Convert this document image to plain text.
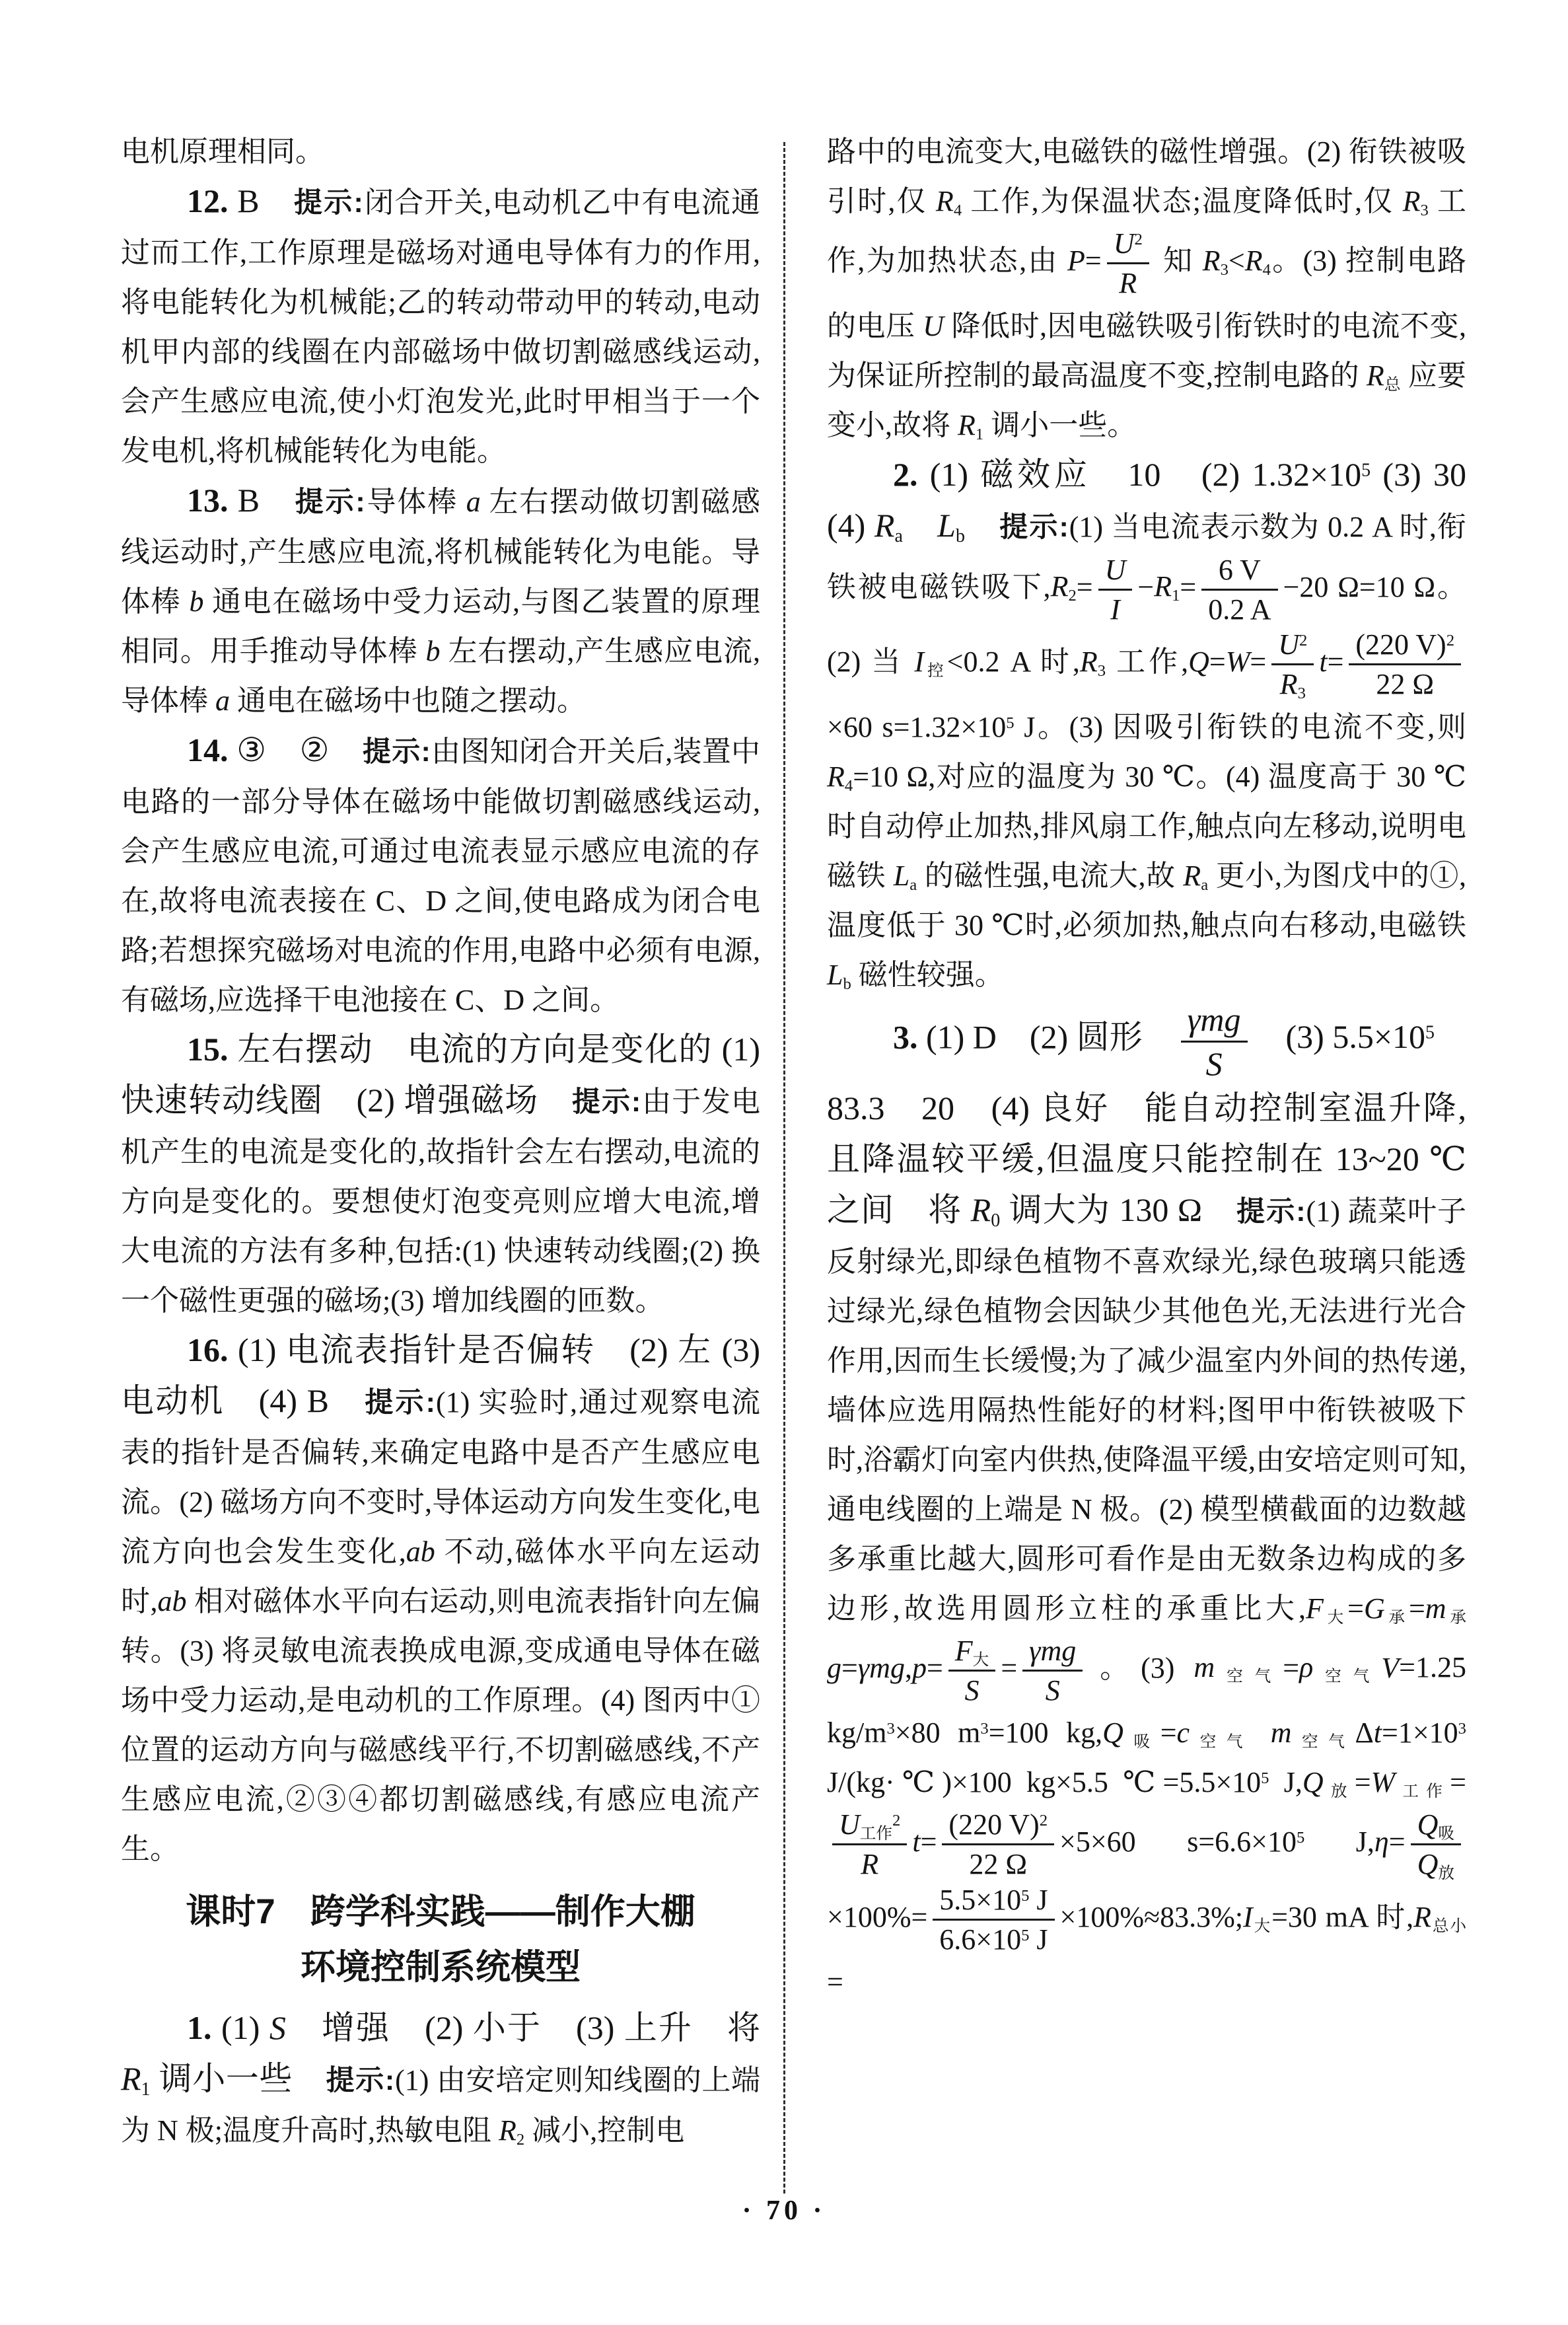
电机原理相同。

12. B　提示:闭合开关,电动机乙中有电流通过而工作,工作原理是磁场对通电导体有力的作用,将电能转化为机械能;乙的转动带动甲的转动,电动机甲内部的线圈在内部磁场中做切割磁感线运动,会产生感应电流,使小灯泡发光,此时甲相当于一个发电机,将机械能转化为电能。

13. B　提示:导体棒 a 左右摆动做切割磁感线运动时,产生感应电流,将机械能转化为电能。导体棒 b 通电在磁场中受力运动,与图乙装置的原理相同。用手推动导体棒 b 左右摆动,产生感应电流,导体棒 a 通电在磁场中也随之摆动。

14. ③　②　提示:由图知闭合开关后,装置中电路的一部分导体在磁场中能做切割磁感线运动,会产生感应电流,可通过电流表显示感应电流的存在,故将电流表接在 C、D 之间,使电路成为闭合电路;若想探究磁场对电流的作用,电路中必须有电源,有磁场,应选择干电池接在 C、D 之间。

15. 左右摆动　电流的方向是变化的 (1) 快速转动线圈　(2) 增强磁场　提示:由于发电机产生的电流是变化的,故指针会左右摆动,电流的方向是变化的。要想使灯泡变亮则应增大电流,增大电流的方法有多种,包括:(1) 快速转动线圈;(2) 换一个磁性更强的磁场;(3) 增加线圈的匝数。

16. (1) 电流表指针是否偏转　(2) 左 (3) 电动机　(4) B　提示:(1) 实验时,通过观察电流表的指针是否偏转,来确定电路中是否产生感应电流。(2) 磁场方向不变时,导体运动方向发生变化,电流方向也会发生变化,ab 不动,磁体水平向左运动时,ab 相对磁体水平向右运动,则电流表指针向左偏转。(3) 将灵敏电流表换成电源,变成通电导体在磁场中受力运动,是电动机的工作原理。(4) 图丙中①位置的运动方向与磁感线平行,不切割磁感线,不产生感应电流,②③④都切割磁感线,有感应电流产生。

课时7　跨学科实践——制作大棚
环境控制系统模型

1. (1) S　增强　(2) 小于　(3) 上升　将 $R_1$ 调小一些　提示:(1) 由安培定则知线圈的上端为 N 极;温度升高时,热敏电阻 $R_2$ 减小,控制电

路中的电流变大,电磁铁的磁性增强。(2) 衔铁被吸引时,仅 $R_4$ 工作,为保温状态;温度降低时,仅 $R_3$ 工作,为加热状态,由 $P= \frac{U^2}{R}$ 知 $R_3<R_4$。(3) 控制电路的电压 U 降低时,因电磁铁吸引衔铁时的电流不变,为保证所控制的最高温度不变,控制电路的 $R_总$ 应要变小,故将 $R_1$ 调小一些。

2. (1) 磁效应　10　(2) $1.32\times 10^5$ (3) 30　(4) $R_a$　 $L_b$　 提示:(1) 当电流表示数为 0.2 A 时,衔铁被电磁铁吸下$,R_2= \frac{U}{I} -R_1= \frac{6 V}{0.2 A} -20$ Ω=10 Ω。(2) 当 $I_控<0.2$ A 时$,R_3$ 工作$,Q=W= \frac{U^2}{R_3} t= \frac{(220 V)^2}{22 \Omega}$
×60 $s=1.32\times 10^5$ J。(3) 因吸引衔铁的电流不变,则 $R_4=10$ Ω,对应的温度为 30 ℃。(4) 温度高于 30 ℃时自动停止加热,排风扇工作,触点向左移动,说明电磁铁 $L_a$ 的磁性强,电流大,故 $R_a$ 更小,为图戊中的①,温度低于 30 ℃时,必须加热,触点向右移动,电磁铁 $L_b$ 磁性较强。

3. (1) D　(2) 圆形　 $\frac{\text{γmg}}{S}$ 　(3) $5.5\times 10^5$　83.3　20　(4) 良好　能自动控制室温升降,且降温较平缓,但温度只能控制在 13~20 ℃之间　将 $R_0$ 调大为 130 Ω　提示:(1) 蔬菜叶子反射绿光,即绿色植物不喜欢绿光,绿色玻璃只能透过绿光,绿色植物会因缺少其他色光,无法进行光合作用,因而生长缓慢;为了减少温室内外间的热传递,墙体应选用隔热性能好的材料;图甲中衔铁被吸下时,浴霸灯向室内供热,使降温平缓,由安培定则可知,通电线圈的上端是 N 极。(2) 模型横截面的边数越多承重比越大,圆形可看作是由无数条边构成的多边形,故选用圆形立柱的承重比大$,F_大=G_承=m_承g=\gamma mg,p= \frac{F_大}{S} = \frac{\text{γmg}}{S}$ 。(3) $m_{空气}=\rho_{空气}V=1.25$ $kg/m^3\times 80$ $m^3=100$ $kg,Q_吸=c_{空气}$ $m_{空气}\Delta t=1\times 10^3$ J/(kg·℃)×100 kg×5.5 $℃=5.5\times 10^5$ $J,Q_放=W_{工作}=$
$\frac{U_{工作}^2}{R} t= \frac{(220 V)^2}{22 \Omega} \times 5\times 60$ $s=6.6\times 10^5$ $J,\eta= \frac{Q_吸}{Q_放}$
$\times 100\%= \frac{5.5\times 10^5 J}{6.6\times 10^5 J}$ $\times 100\%\approx 83.3\%;I_大=30$ mA 时$,R_{总小}=$

· 70 ·
